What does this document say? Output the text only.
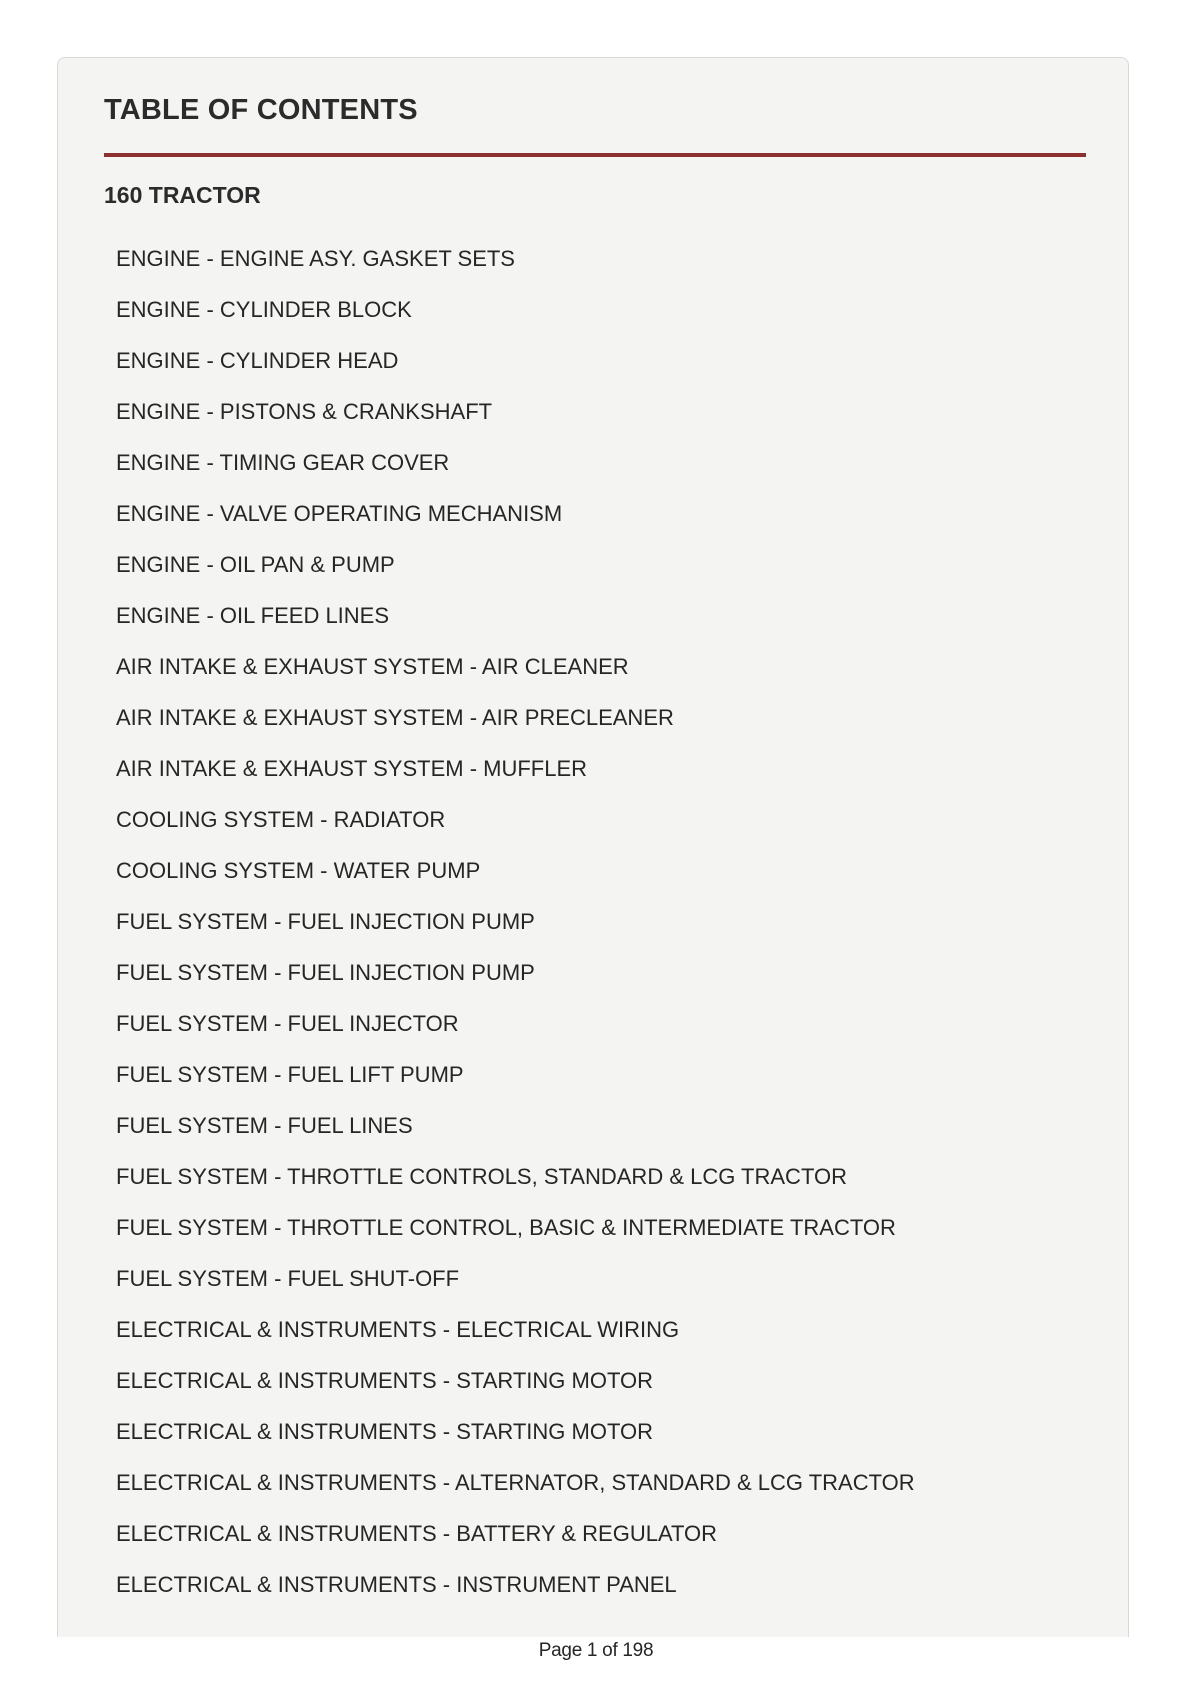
TABLE OF CONTENTS
160 TRACTOR
ENGINE - ENGINE ASY. GASKET SETS
ENGINE - CYLINDER BLOCK
ENGINE - CYLINDER HEAD
ENGINE - PISTONS & CRANKSHAFT
ENGINE - TIMING GEAR COVER
ENGINE - VALVE OPERATING MECHANISM
ENGINE - OIL PAN & PUMP
ENGINE - OIL FEED LINES
AIR INTAKE & EXHAUST SYSTEM - AIR CLEANER
AIR INTAKE & EXHAUST SYSTEM - AIR PRECLEANER
AIR INTAKE & EXHAUST SYSTEM - MUFFLER
COOLING SYSTEM - RADIATOR
COOLING SYSTEM - WATER PUMP
FUEL SYSTEM - FUEL INJECTION PUMP
FUEL SYSTEM - FUEL INJECTION PUMP
FUEL SYSTEM - FUEL INJECTOR
FUEL SYSTEM - FUEL LIFT PUMP
FUEL SYSTEM - FUEL LINES
FUEL SYSTEM - THROTTLE CONTROLS, STANDARD & LCG TRACTOR
FUEL SYSTEM - THROTTLE CONTROL, BASIC & INTERMEDIATE TRACTOR
FUEL SYSTEM - FUEL SHUT-OFF
ELECTRICAL & INSTRUMENTS - ELECTRICAL WIRING
ELECTRICAL & INSTRUMENTS - STARTING MOTOR
ELECTRICAL & INSTRUMENTS - STARTING MOTOR
ELECTRICAL & INSTRUMENTS - ALTERNATOR, STANDARD & LCG TRACTOR
ELECTRICAL & INSTRUMENTS - BATTERY & REGULATOR
ELECTRICAL & INSTRUMENTS - INSTRUMENT PANEL
Page 1 of 198
